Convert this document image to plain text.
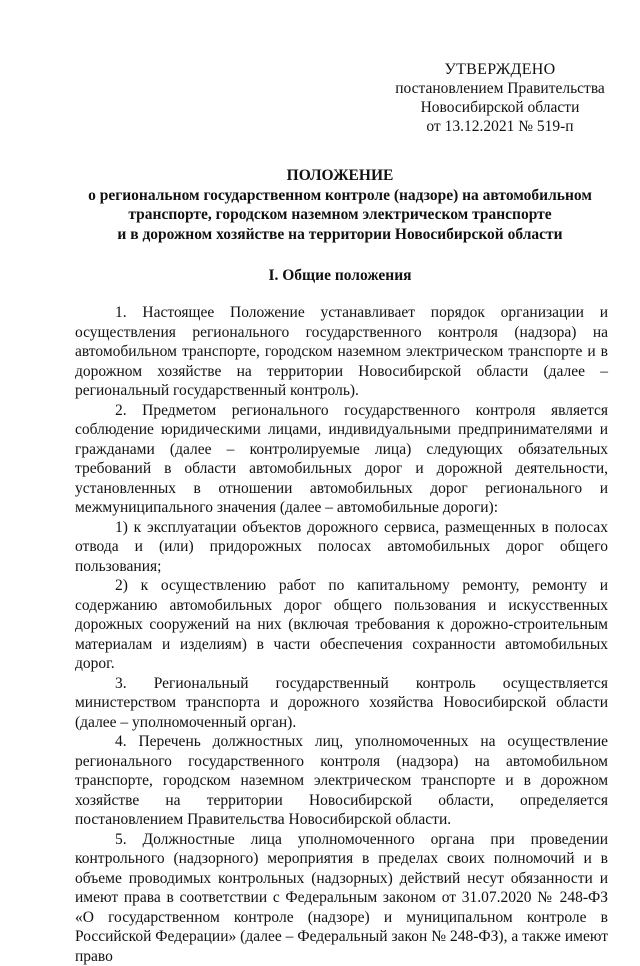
УТВЕРЖДЕНО
постановлением Правительства
Новосибирской области
от 13.12.2021 № 519-п
ПОЛОЖЕНИЕ
о региональном государственном контроле (надзоре) на автомобильном
транспорте, городском наземном электрическом транспорте
и в дорожном хозяйстве на территории Новосибирской области
I. Общие положения

1. Настоящее Положение устанавливает порядок организации и осуществления регионального государственного контроля (надзора) на автомобильном транспорте, городском наземном электрическом транспорте и в дорожном хозяйстве на территории Новосибирской области (далее – региональный государственный контроль).

2. Предметом регионального государственного контроля является соблюдение юридическими лицами, индивидуальными предпринимателями и гражданами (далее – контролируемые лица) следующих обязательных требований в области автомобильных дорог и дорожной деятельности, установленных в отношении автомобильных дорог регионального и межмуниципального значения (далее – автомобильные дороги):

1) к эксплуатации объектов дорожного сервиса, размещенных в полосах отвода и (или) придорожных полосах автомобильных дорог общего пользования;

2) к осуществлению работ по капитальному ремонту, ремонту и содержанию автомобильных дорог общего пользования и искусственных дорожных сооружений на них (включая требования к дорожно-строительным материалам и изделиям) в части обеспечения сохранности автомобильных дорог.

3. Региональный государственный контроль осуществляется министерством транспорта и дорожного хозяйства Новосибирской области (далее – уполномоченный орган).

4. Перечень должностных лиц, уполномоченных на осуществление регионального государственного контроля (надзора) на автомобильном транспорте, городском наземном электрическом транспорте и в дорожном хозяйстве на территории Новосибирской области, определяется постановлением Правительства Новосибирской области.

5. Должностные лица уполномоченного органа при проведении контрольного (надзорного) мероприятия в пределах своих полномочий и в объеме проводимых контрольных (надзорных) действий несут обязанности и имеют права в соответствии с Федеральным законом от 31.07.2020 № 248-ФЗ «О государственном контроле (надзоре) и муниципальном контроле в Российской Федерации» (далее – Федеральный закон № 248-ФЗ), а также имеют право
